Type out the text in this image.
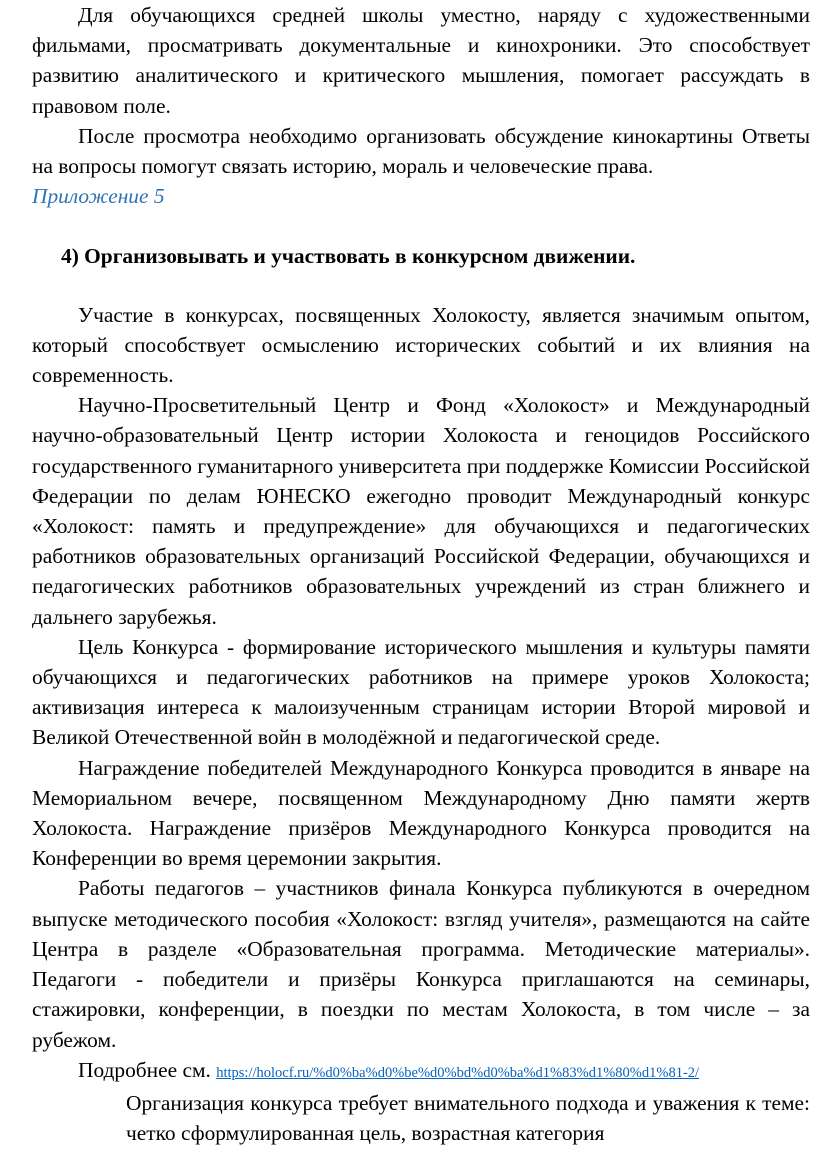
Для обучающихся средней школы уместно, наряду с художественными фильмами, просматривать документальные и кинохроники. Это способствует развитию аналитического и критического мышления, помогает рассуждать в правовом поле.

После просмотра необходимо организовать обсуждение кинокартины Ответы на вопросы помогут связать историю, мораль и человеческие права.

Приложение 5

4) Организовывать и участвовать в конкурсном движении.

Участие в конкурсах, посвященных Холокосту, является значимым опытом, который способствует осмыслению исторических событий и их влияния на современность.

Научно-Просветительный Центр и Фонд «Холокост» и Международный научно-образовательный Центр истории Холокоста и геноцидов Российского государственного гуманитарного университета при поддержке Комиссии Российской Федерации по делам ЮНЕСКО ежегодно проводит Международный конкурс «Холокост: память и предупреждение» для обучающихся и педагогических работников образовательных организаций Российской Федерации, обучающихся и педагогических работников образовательных учреждений из стран ближнего и дальнего зарубежья.

Цель Конкурса - формирование исторического мышления и культуры памяти обучающихся и педагогических работников на примере уроков Холокоста; активизация интереса к малоизученным страницам истории Второй мировой и Великой Отечественной войн в молодёжной и педагогической среде.

Награждение победителей Международного Конкурса проводится в январе на Мемориальном вечере, посвященном Международному Дню памяти жертв Холокоста. Награждение призёров Международного Конкурса проводится на Конференции во время церемонии закрытия.

Работы педагогов – участников финала Конкурса публикуются в очередном выпуске методического пособия «Холокост: взгляд учителя», размещаются на сайте Центра в разделе «Образовательная программа. Методические материалы». Педагоги - победители и призёры Конкурса приглашаются на семинары, стажировки, конференции, в поездки по местам Холокоста, в том числе – за рубежом.

Подробнее см. https://holocf.ru/%d0%ba%d0%be%d0%bd%d0%ba%d1%83%d1%80%d1%81-2/

Организация конкурса требует внимательного подхода и уважения к теме: четко сформулированная цель, возрастная категория
